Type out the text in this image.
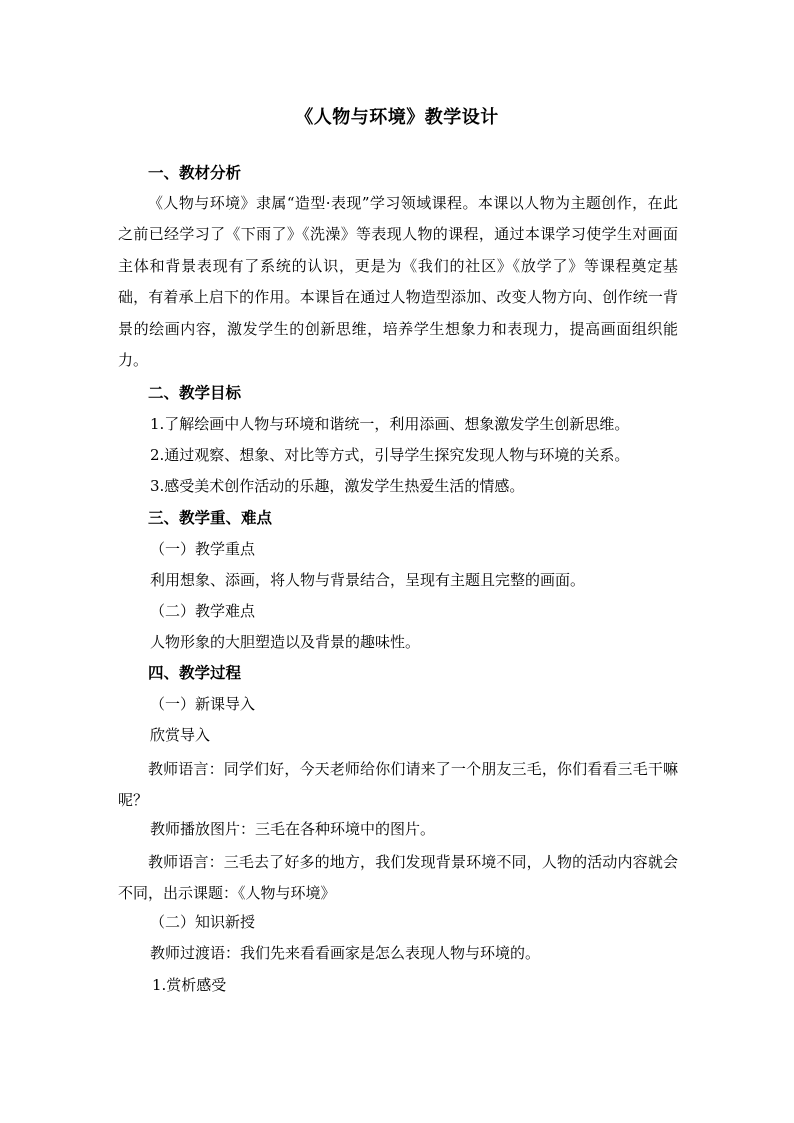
《人物与环境》教学设计
一、教材分析
《人物与环境》隶属“造型·表现”学习领域课程。本课以人物为主题创作，在此之前已经学习了《下雨了》《洗澡》等表现人物的课程，通过本课学习使学生对画面主体和背景表现有了系统的认识，更是为《我们的社区》《放学了》等课程奠定基础，有着承上启下的作用。本课旨在通过人物造型添加、改变人物方向、创作统一背景的绘画内容，激发学生的创新思维，培养学生想象力和表现力，提高画面组织能力。
二、教学目标
1.了解绘画中人物与环境和谐统一，利用添画、想象激发学生创新思维。
2.通过观察、想象、对比等方式，引导学生探究发现人物与环境的关系。
3.感受美术创作活动的乐趣，激发学生热爱生活的情感。
三、教学重、难点
（一）教学重点
利用想象、添画，将人物与背景结合，呈现有主题且完整的画面。
（二）教学难点
人物形象的大胆塑造以及背景的趣味性。
四、教学过程
（一）新课导入
欣赏导入
教师语言：同学们好，今天老师给你们请来了一个朋友三毛，你们看看三毛干嘛呢？
教师播放图片：三毛在各种环境中的图片。
教师语言：三毛去了好多的地方，我们发现背景环境不同，人物的活动内容就会不同，出示课题：《人物与环境》
（二）知识新授
教师过渡语：我们先来看看画家是怎么表现人物与环境的。
1.赏析感受
